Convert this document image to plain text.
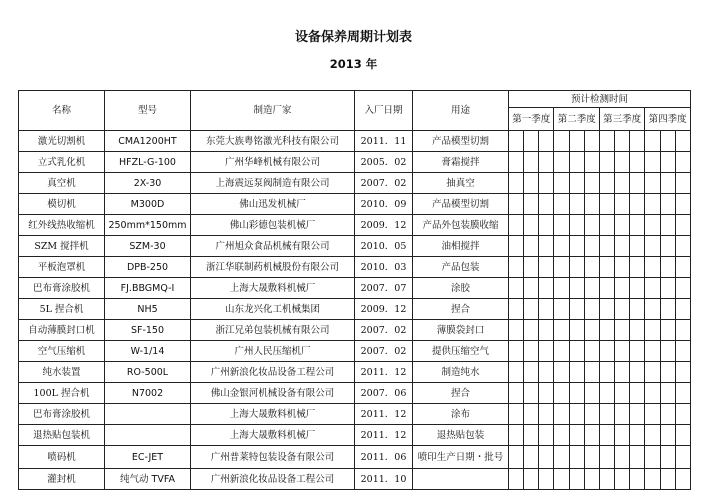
设备保养周期计划表
2013 年
名称	型号	制造厂家	入厂日期	用途	预计检测时间											
					第一季度			第二季度			第三季度			第四季度		
激光切割机	CMA1200HT	东莞大族粤铭激光科技有限公司	2011．11	产品模型切割												
立式乳化机	HFZL-G-100	广州华峰机械有限公司	2005．02	膏霜搅拌												
真空机	2X-30	上海震远泵阀制造有限公司	2007．02	抽真空												
模切机	M300D	佛山迅发机械厂	2010．09	产品模型切割												
红外线热收缩机	250mm*150mm	佛山彩德包装机械厂	2009．12	产品外包装膜收缩												
SZM 搅拌机	SZM-30	广州旭众食品机械有限公司	2010．05	油相搅拌												
平板泡罩机	DPB-250	浙江华联制药机械股份有限公司	2010．03	产品包装												
巴布膏涂胶机	FJ.BBGMQ-I	上海大晟敷料机械厂	2007．07	涂胶												
5L 捏合机	NH5	山东龙兴化工机械集团	2009．12	捏合												
自动薄膜封口机	SF-150	浙江兄弟包装机械有限公司	2007．02	薄膜袋封口												
空气压缩机	W-1/14	广州人民压缩机厂	2007．02	提供压缩空气												
纯水装置	RO-500L	广州新浪化妆品设备工程公司	2011．12	制造纯水												
100L 捏合机	N7002	佛山金银河机械设备有限公司	2007．06	捏合												
巴布膏涂胶机		上海大晟敷料机械厂	2011．12	涂布												
退热贴包装机		上海大晟敷料机械厂	2011．12	退热贴包装												
喷码机	EC-JET	广州普莱特包装设备有限公司	2011．06	喷印生产日期・批号												
灌封机	纯气动 TVFA	广州新浪化妆品设备工程公司	2011．10													
